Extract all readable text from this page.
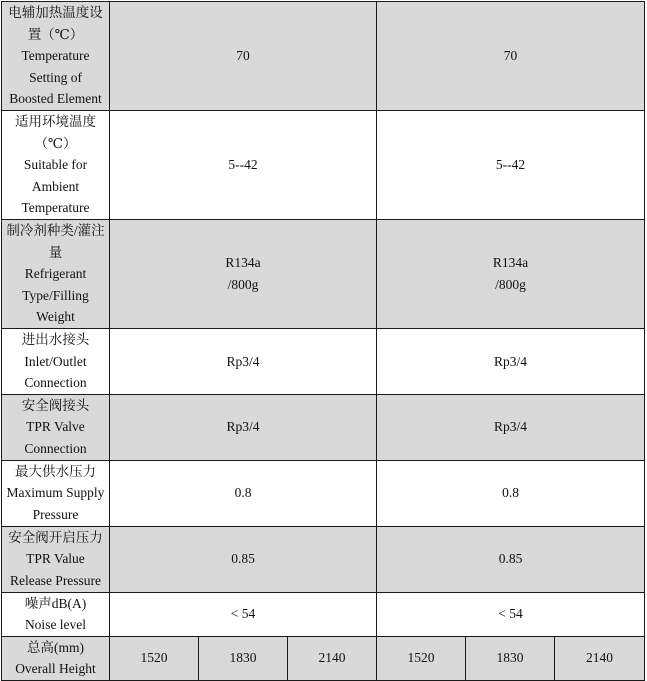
电辅加热温度设
置（℃）
Temperature
Setting of
Boosted Element	70			70		

适用环境温度
（℃）
Suitable for
Ambient
Temperature	5--42			5--42		

制冷剂种类/灌注
量
Refrigerant
Type/Filling
Weight	R134a
/800g			R134a
/800g		

进出水接头
Inlet/Outlet
Connection	Rp3/4			Rp3/4		

安全阀接头
TPR Valve
Connection	Rp3/4			Rp3/4		

最大供水压力
Maximum Supply
Pressure	0.8			0.8		

安全阀开启压力
TPR Value
Release Pressure	0.85			0.85		

噪声dB(A)
Noise level	< 54			< 54		

总高(mm)
Overall Height	1520	1830	2140	1520	1830	2140
